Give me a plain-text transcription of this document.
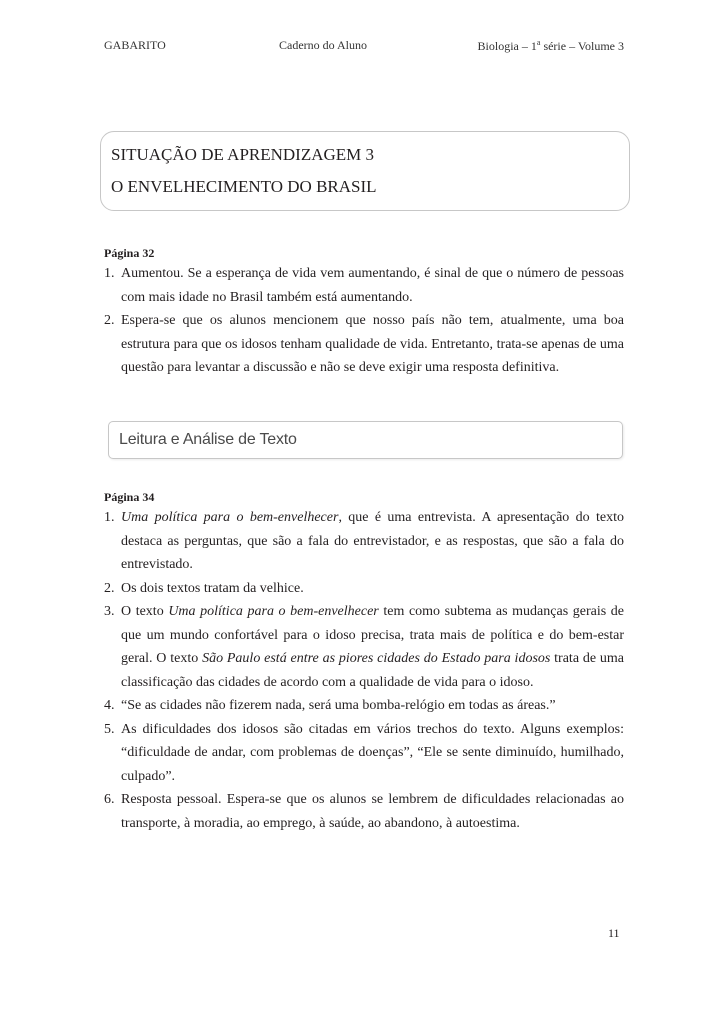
GABARITO	Caderno do Aluno	Biologia – 1$^a$ série – Volume 3
SITUAÇÃO DE APRENDIZAGEM 3
O ENVELHECIMENTO DO BRASIL
Página 32
1. Aumentou. Se a esperança de vida vem aumentando, é sinal de que o número de pessoas com mais idade no Brasil também está aumentando.
2. Espera-se que os alunos mencionem que nosso país não tem, atualmente, uma boa estrutura para que os idosos tenham qualidade de vida. Entretanto, trata-se apenas de uma questão para levantar a discussão e não se deve exigir uma resposta definitiva.
Leitura e Análise de Texto
Página 34
1. Uma política para o bem-envelhecer, que é uma entrevista. A apresentação do texto destaca as perguntas, que são a fala do entrevistador, e as respostas, que são a fala do entrevistado.
2. Os dois textos tratam da velhice.
3. O texto Uma política para o bem-envelhecer tem como subtema as mudanças gerais de que um mundo confortável para o idoso precisa, trata mais de política e do bem-estar geral. O texto São Paulo está entre as piores cidades do Estado para idosos trata de uma classificação das cidades de acordo com a qualidade de vida para o idoso.
4. “Se as cidades não fizerem nada, será uma bomba-relógio em todas as áreas.”
5. As dificuldades dos idosos são citadas em vários trechos do texto. Alguns exemplos: “dificuldade de andar, com problemas de doenças”, “Ele se sente diminuído, humilhado, culpado”.
6. Resposta pessoal. Espera-se que os alunos se lembrem de dificuldades relacionadas ao transporte, à moradia, ao emprego, à saúde, ao abandono, à autoestima.
11
